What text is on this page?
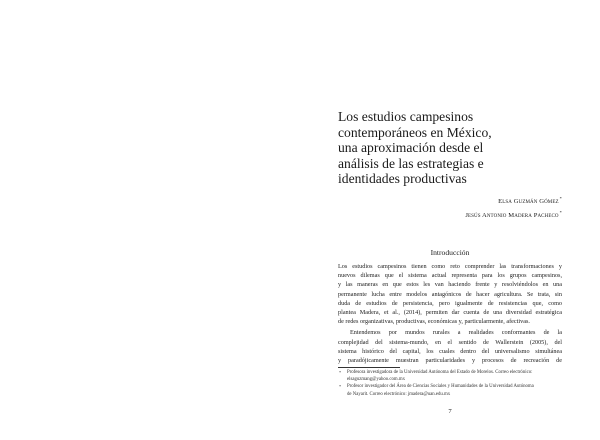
Los estudios campesinos
contemporáneos en México,
una aproximación desde el
análisis de las estrategias e
identidades productivas
Elsa Guzmán Gómez*
Jesús Antonio Madera Pacheco*
Introducción

Los estudios campesinos tienen como reto comprender las transformaciones y
nuevos dilemas que el sistema actual representa para los grupos campesinos,
y las maneras en que estos les van haciendo frente y resolviéndolos en una
permanente lucha entre modelos antagónicos de hacer agricultura. Se trata, sin
duda de estudios de persistencia, pero igualmente de resistencias que, como
plantea Madera, et al., (2014), permiten dar cuenta de una diversidad estratégica
de redes organizativas, productivas, económicas y, particularmente, afectivas.

Entendemos por mundos rurales a realidades conformantes de la
complejidad del sistema-mundo, en el sentido de Wallerstein (2005), del
sistema histórico del capital, los cuales dentro del universalismo simultánea
y paradójicamente muestran particularidades y procesos de recreación de

* Profesora investigadora de la Universidad Autónoma del Estado de Morelos. Correo electrónico:
elsaguzmang@yahoo.com.mx
* Profesor investigador del Área de Ciencias Sociales y Humanidades de la Universidad Autónoma
de Nayarit. Correo electrónico: jmadera@uan.edu.mx
7
